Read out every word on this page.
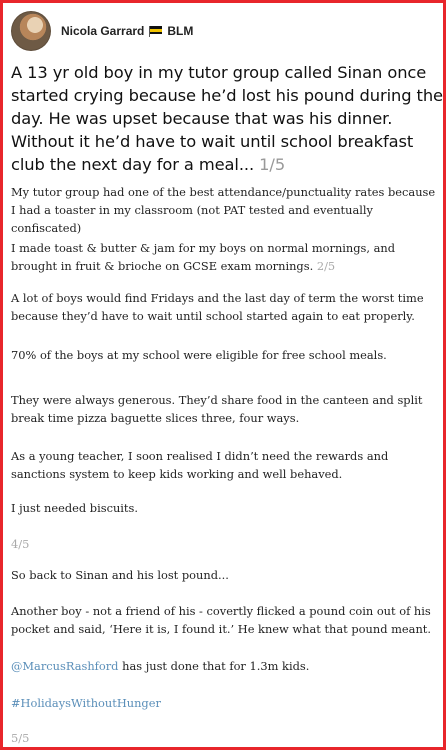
Nicola Garrard BLM
A 13 yr old boy in my tutor group called Sinan once started crying because he’d lost his pound during the day. He was upset because that was his dinner. Without it he’d have to wait until school breakfast club the next day for a meal... 1/5

My tutor group had one of the best attendance/punctuality rates because I had a toaster in my classroom (not PAT tested and eventually confiscated)

I made toast & butter & jam for my boys on normal mornings, and brought in fruit & brioche on GCSE exam mornings. 2/5

A lot of boys would find Fridays and the last day of term the worst time because they’d have to wait until school started again to eat properly.

70% of the boys at my school were eligible for free school meals.

They were always generous. They’d share food in the canteen and split break time pizza baguette slices three, four ways.

As a young teacher, I soon realised I didn’t need the rewards and sanctions system to keep kids working and well behaved.

I just needed biscuits.

4/5

So back to Sinan and his lost pound...

Another boy - not a friend of his - covertly flicked a pound coin out of his pocket and said, ‘Here it is, I found it.’ He knew what that pound meant.

@MarcusRashford has just done that for 1.3m kids.

#HolidaysWithoutHunger

5/5
